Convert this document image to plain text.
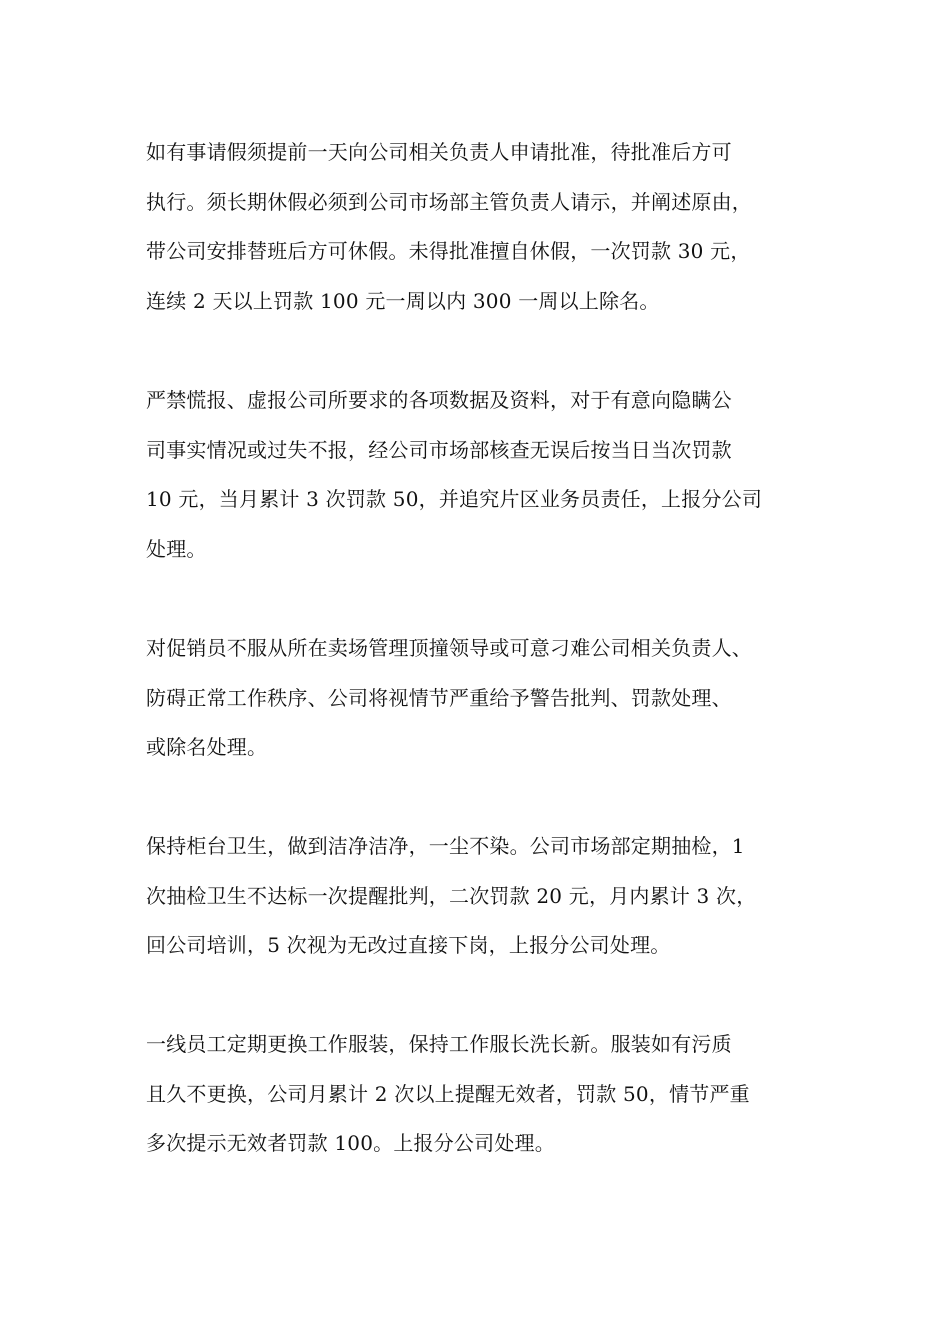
如有事请假须提前一天向公司相关负责人申请批准，待批准后方可
执行。须长期休假必须到公司市场部主管负责人请示，并阐述原由，
带公司安排替班后方可休假。未得批准擅自休假，一次罚款 30 元，
连续 2 天以上罚款 100 元一周以内 300 一周以上除名。
严禁慌报、虚报公司所要求的各项数据及资料，对于有意向隐瞒公
司事实情况或过失不报，经公司市场部核查无误后按当日当次罚款
10 元，当月累计 3 次罚款 50，并追究片区业务员责任，上报分公司
处理。
对促销员不服从所在卖场管理顶撞领导或可意刁难公司相关负责人、
防碍正常工作秩序、公司将视情节严重给予警告批判、罚款处理、
或除名处理。
保持柜台卫生，做到洁净洁净，一尘不染。公司市场部定期抽检，1
次抽检卫生不达标一次提醒批判，二次罚款 20 元，月内累计 3 次，
回公司培训，5 次视为无改过直接下岗，上报分公司处理。
一线员工定期更换工作服装，保持工作服长洗长新。服装如有污质
且久不更换，公司月累计 2 次以上提醒无效者，罚款 50，情节严重
多次提示无效者罚款 100。上报分公司处理。
